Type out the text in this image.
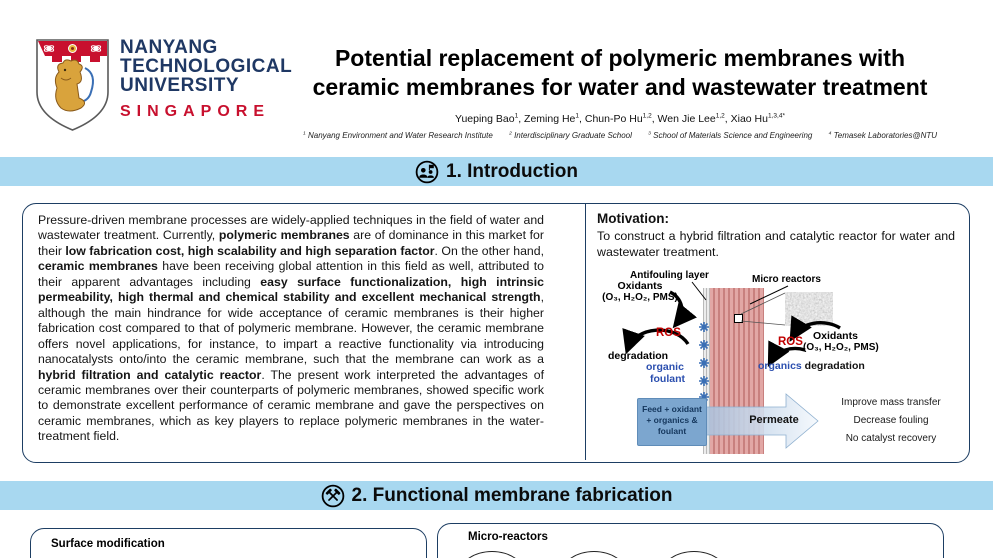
NANYANG
TECHNOLOGICAL
UNIVERSITY
SINGAPORE
Potential replacement of polymeric membranes with
ceramic membranes for water and wastewater treatment
Yueping Bao$^1$, Zeming He$^1$, Chun-Po Hu$^{1,2}$, Wen Jie Lee$^{1,2}$, Xiao $Hu^{1,3,4*}$
$^1$ Nanyang Environment and Water Research Institute	$^2$ Interdisciplinary Graduate School	$^3$ School of Materials Science and Engineering	$^4$ Temasek Laboratories@NTU
1. Introduction
Pressure-driven membrane processes are widely-applied techniques in the field of water and wastewater treatment. Currently, polymeric membranes are of dominance in this market for their low fabrication cost, high scalability and high separation factor. On the other hand, ceramic membranes have been receiving global attention in this field as well, attributed to their apparent advantages including easy surface functionalization, high intrinsic permeability, high thermal and chemical stability and excellent mechanical strength, although the main hindrance for wide acceptance of ceramic membranes is their higher fabrication cost compared to that of polymeric membrane. However, the ceramic membrane offers novel applications, for instance, to impart a reactive functionality via introducing nanocatalysts onto/into the ceramic membrane, such that the membrane can work as a hybrid filtration and catalytic reactor. The present work interpreted the advantages of ceramic membranes over their counterparts of polymeric membranes, showed specific work to demonstrate excellent performance of ceramic membrane and gave the perspectives on ceramic membranes, which as key players to replace polymeric membranes in the water-treatment field.
Motivation:
To construct a hybrid filtration and catalytic reactor for water and wastewater treatment.
Antifouling layer	Micro reactors
Oxidants
(O₃, H₂O₂, PMS)
ROS
degradation
organic
foulant
ROS Oxidants
(O₃, H₂O₂, PMS)
organics degradation
Feed + oxidant
+ organics &
foulant
Permeate
Improve mass transfer
Decrease fouling
No catalyst recovery
2. Functional membrane fabrication
Surface modification
Micro-reactors
